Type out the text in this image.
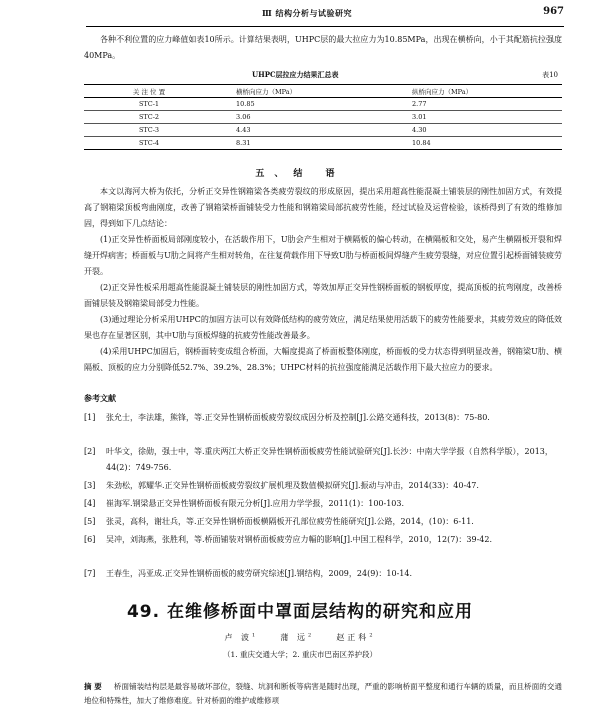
Ⅲ 结构分析与试验研究	967

各种不利位置的应力峰值如表10所示。计算结果表明，UHPC层的最大拉应力为10.85MPa，出现在横桥向，小于其配筋抗拉强度40MPa。

UHPC层拉应力结果汇总表	表10
关 注 位 置	横桥向应力（MPa）	纵桥向应力（MPa）
STC-1	10.85	2.77
STC-2	3.06	3.01
STC-3	4.43	4.30
STC-4	8.31	10.84
五、结 语

本文以海河大桥为依托，分析正交异性钢箱梁各类疲劳裂纹的形成原因，提出采用超高性能混凝土铺装层的刚性加固方式，有效提高了钢箱梁顶板弯曲刚度，改善了钢箱梁桥面铺装受力性能和钢箱梁局部抗疲劳性能，经过试验及运营检验，该桥得到了有效的维修加固，得到如下几点结论：

(1)正交异性桥面板局部刚度较小，在活载作用下，U肋会产生相对于横隔板的偏心转动，在横隔板和交处，易产生横隔板开裂和焊缝开焊病害；桥面板与U肋之间将产生相对转角，在往复荷载作用下导致U肋与桥面板间焊缝产生疲劳裂缝，对应位置引起桥面铺装疲劳开裂。

(2)正交异性板采用超高性能混凝土铺装层的刚性加固方式，等效加厚正交异性钢桥面板的钢板厚度，提高顶板的抗弯刚度，改善桥面铺层装及钢箱梁局部受力性能。

(3)通过理论分析采用UHPC的加固方法可以有效降低结构的疲劳效应，满足结果使用活载下的疲劳性能要求，其疲劳效应的降低效果也存在显著区别，其中U肋与顶板焊缝的抗疲劳性能改善最多。

(4)采用UHPC加固后，钢桥面转变成组合桥面，大幅度提高了桥面板整体刚度，桥面板的受力状态得到明显改善，钢箱梁U肋、横隔板、顶板的应力分别降低52.7%、39.2%、28.3%；UHPC材料的抗拉强度能满足活载作用下最大拉应力的要求。

参考文献
[1]	张允士，李法雄，熊锋，等.正交异性钢桥面板疲劳裂纹成因分析及控制[J].公路交通科技，2013(8)：75-80.
[2]	叶华文，徐勋，强士中，等.重庆两江大桥正交异性钢桥面板疲劳性能试验研究[J].长沙：中南大学学报（自然科学版），2013，44(2)：749-756.
[3]	朱劲松，郭耀华.正交异性钢桥面板疲劳裂纹扩展机理及数值模拟研究[J].振动与冲击，2014(33)：40-47.
[4]	崔海军.钢梁悬正交异性钢桥面板有限元分析[J].应用力学学报，2011(1)：100-103.
[5]	张灵，高科，谢壮兵，等.正交异性钢桥面板横隔板开孔部位疲劳性能研究[J].公路，2014，(10)：6-11.
[6]	吴冲，刘海燕，张胜利，等.桥面铺装对钢桥面板疲劳应力幅的影响[J].中国工程科学，2010，12(7)：39-42.
[7]	王春生，冯亚成.正交异性钢桥面板的疲劳研究综述[J].钢结构，2009，24(9)：10-14.
49. 在维修桥面中罩面层结构的研究和应用
卢 波$^1$	蒲 远$^2$	赵正科$^2$
（1. 重庆交通大学；2. 重庆市巴南区养护段）

摘 要 桥面铺装结构层是最容易破坏部位，裂缝、坑洞和断板等病害是随时出现，严重的影响桥面平整度和通行车辆的质量，而且桥面的交通地位和特殊性，加大了维修难度。针对桥面的维护或维修项
